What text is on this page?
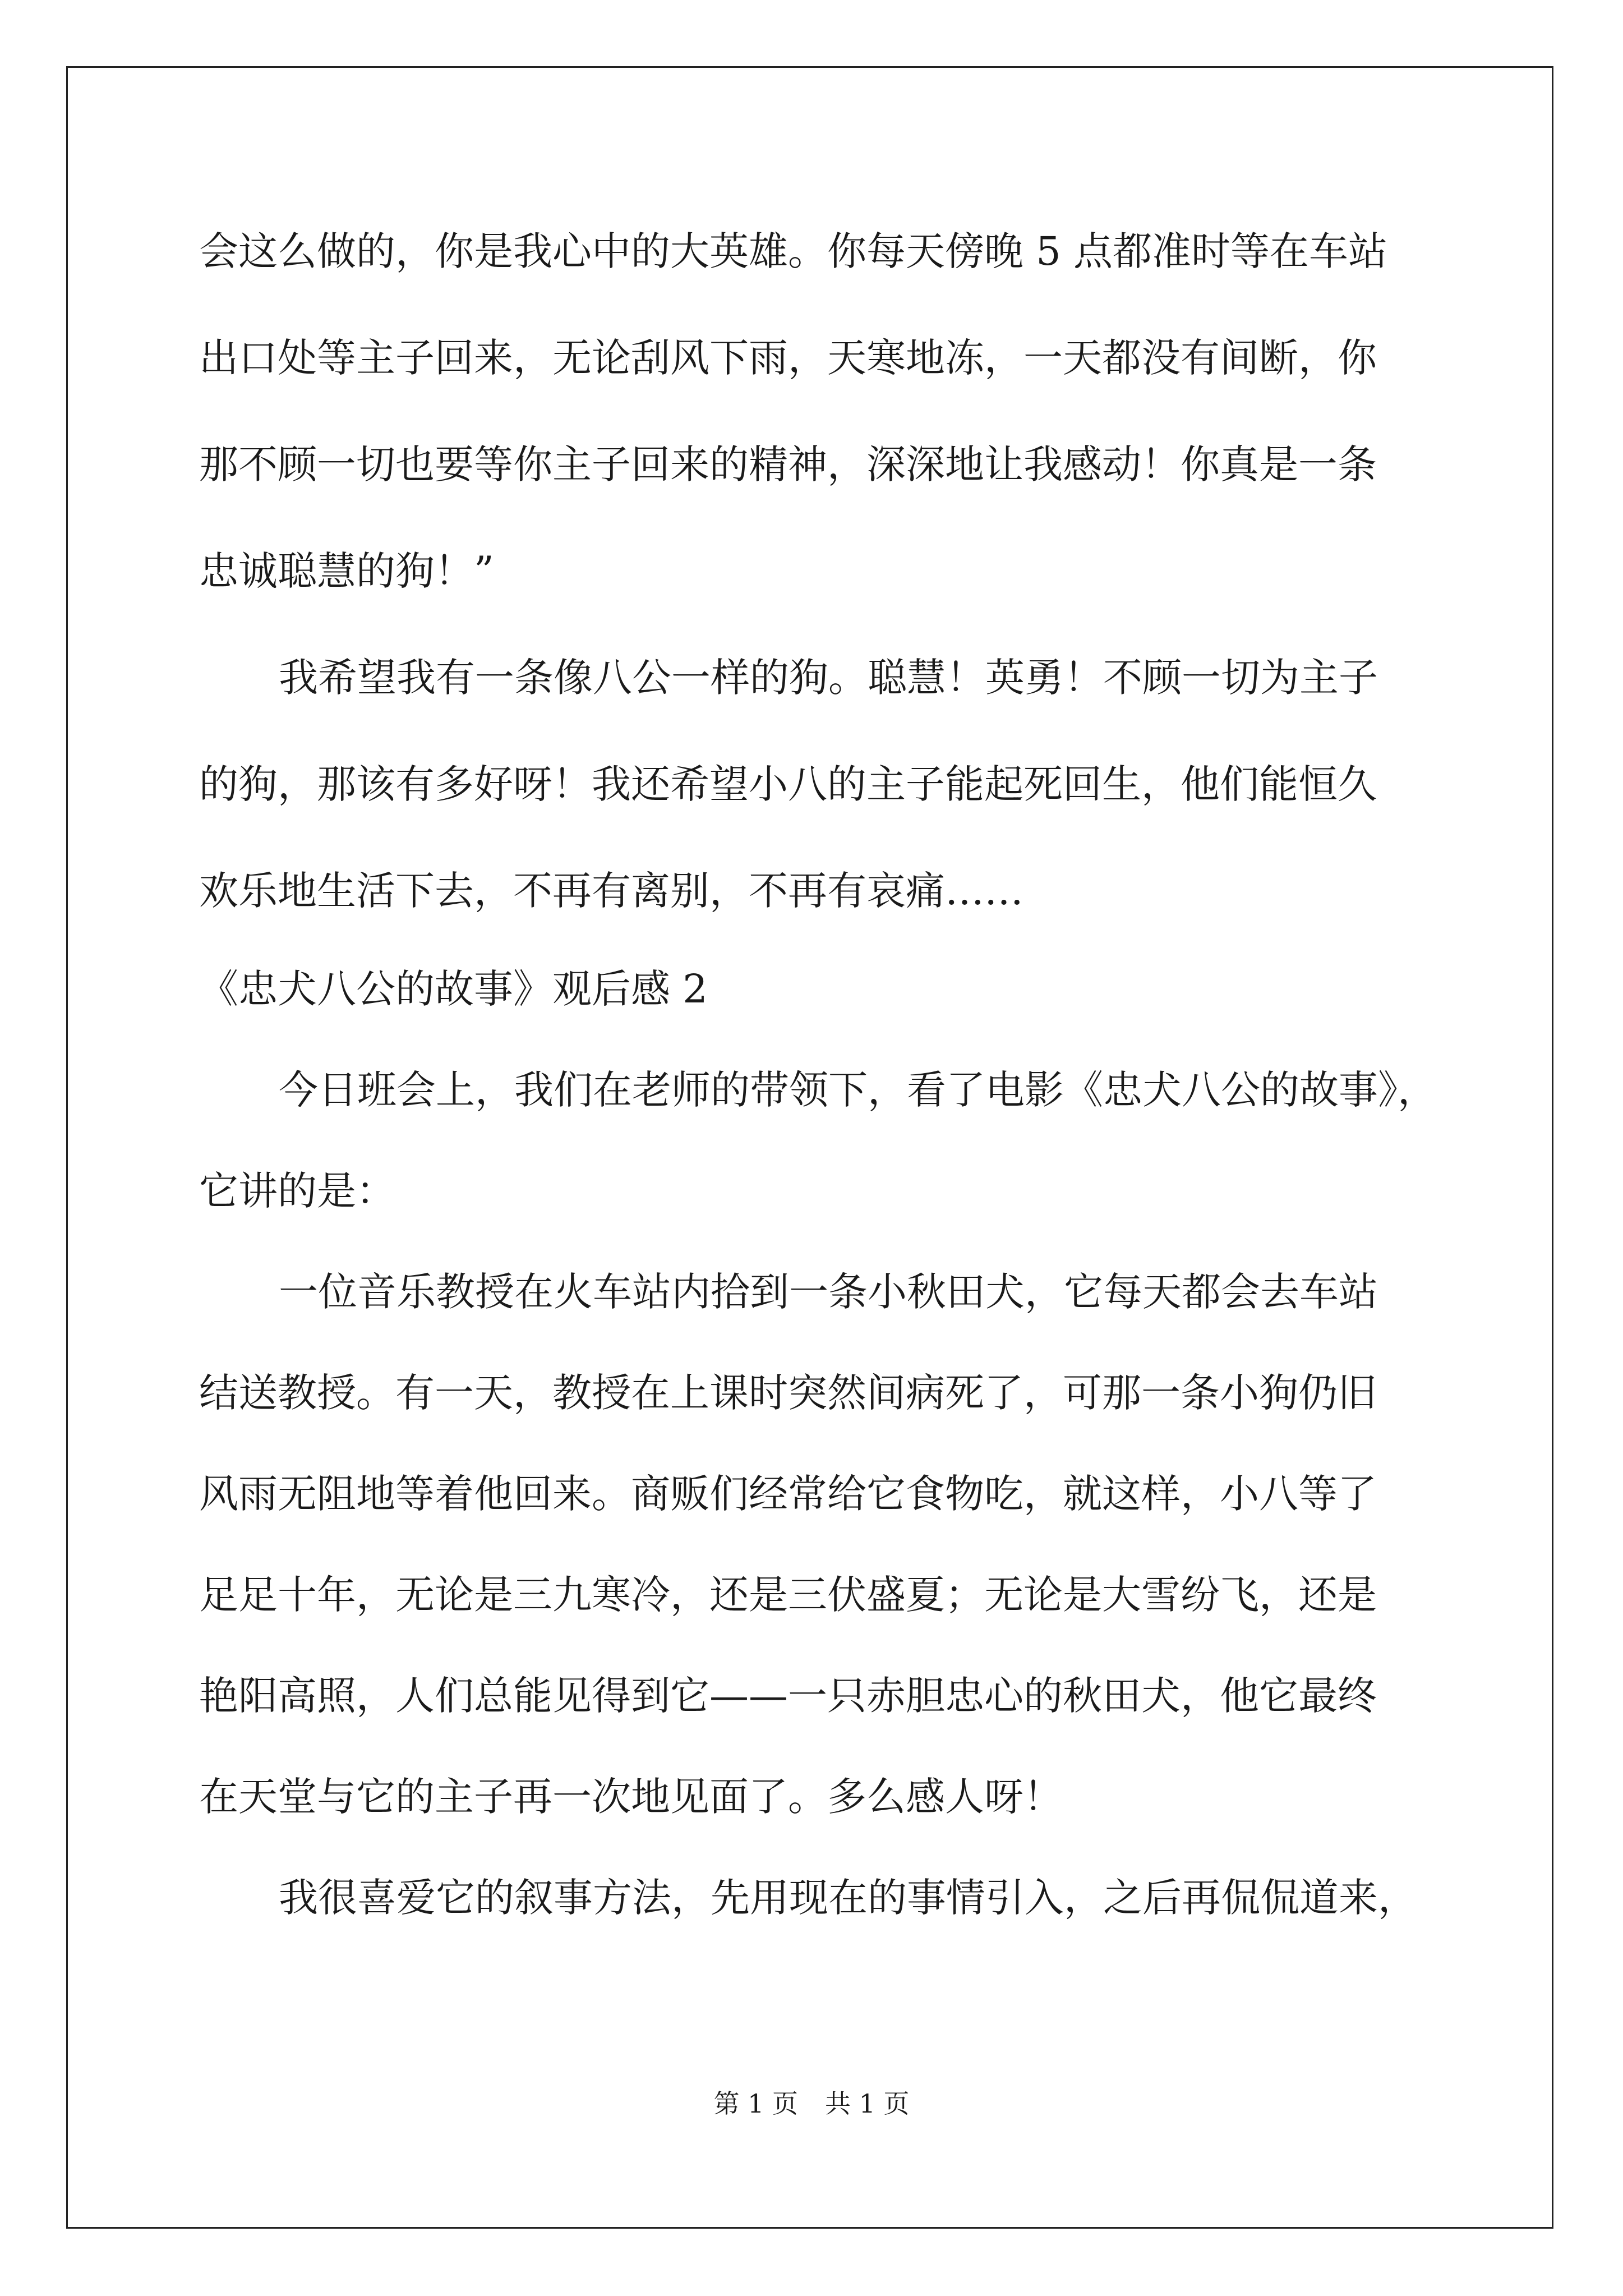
会这么做的，你是我心中的大英雄。你每天傍晚 5 点都准时等在车站
出口处等主子回来，无论刮风下雨，天寒地冻，一天都没有间断，你
那不顾一切也要等你主子回来的精神，深深地让我感动！你真是一条
忠诚聪慧的狗！”
我希望我有一条像八公一样的狗。聪慧！英勇！不顾一切为主子
的狗，那该有多好呀！我还希望小八的主子能起死回生，他们能恒久
欢乐地生活下去，不再有离别，不再有哀痛……
《忠犬八公的故事》观后感 2
今日班会上，我们在老师的带领下，看了电影《忠犬八公的故事》，
它讲的是：
一位音乐教授在火车站内拾到一条小秋田犬，它每天都会去车站
结送教授。有一天，教授在上课时突然间病死了，可那一条小狗仍旧
风雨无阻地等着他回来。商贩们经常给它食物吃，就这样，小八等了
足足十年，无论是三九寒冷，还是三伏盛夏；无论是大雪纷飞，还是
艳阳高照，人们总能见得到它——一只赤胆忠心的秋田犬，他它最终
在天堂与它的主子再一次地见面了。多么感人呀！
我很喜爱它的叙事方法，先用现在的事情引入，之后再侃侃道来，
第 1 页 共 1 页
